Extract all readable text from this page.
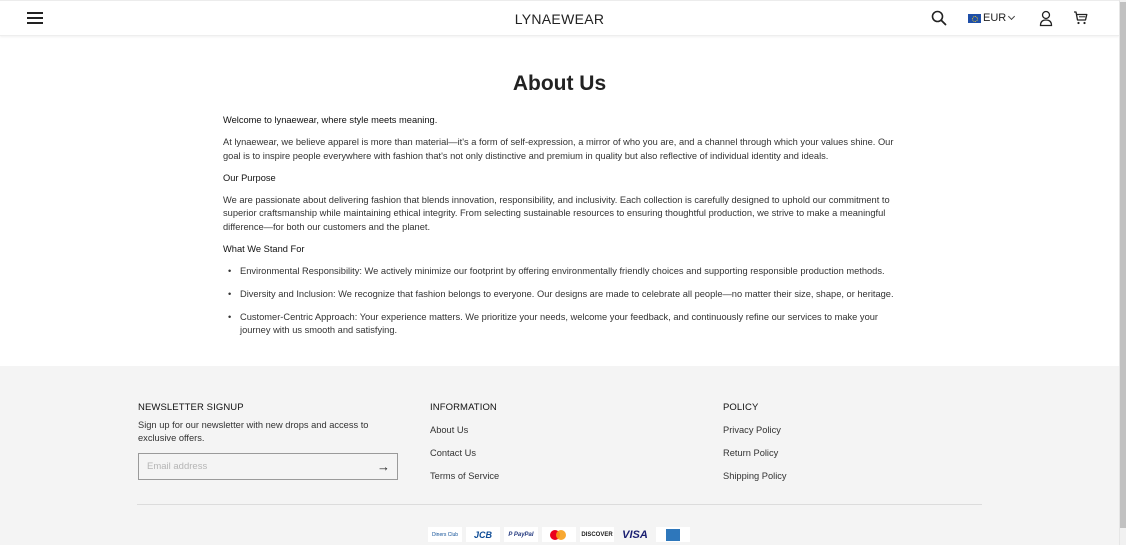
LYNAEWEAR	EUR
About Us

Welcome to lynaewear, where style meets meaning.

At lynaewear, we believe apparel is more than material—it's a form of self-expression, a mirror of who you are, and a channel through which your values shine. Our goal is to inspire people everywhere with fashion that's not only distinctive and premium in quality but also reflective of individual identity and ideals.

Our Purpose

We are passionate about delivering fashion that blends innovation, responsibility, and inclusivity. Each collection is carefully designed to uphold our commitment to superior craftsmanship while maintaining ethical integrity. From selecting sustainable resources to ensuring thoughtful production, we strive to make a meaningful difference—for both our customers and the planet.

What We Stand For

• Environmental Responsibility: We actively minimize our footprint by offering environmentally friendly choices and supporting responsible production methods.
• Diversity and Inclusion: We recognize that fashion belongs to everyone. Our designs are made to celebrate all people—no matter their size, shape, or heritage.
• Customer-Centric Approach: Your experience matters. We prioritize your needs, welcome your feedback, and continuously refine our services to make your journey with us smooth and satisfying.
NEWSLETTER SIGNUP
Sign up for our newsletter with new drops and access to exclusive offers.
Email address
→
INFORMATION
About Us
Contact Us
Terms of Service
POLICY
Privacy Policy
Return Policy
Shipping Policy
Diners Club	JCB	P PayPal	DISCOVER VISA
